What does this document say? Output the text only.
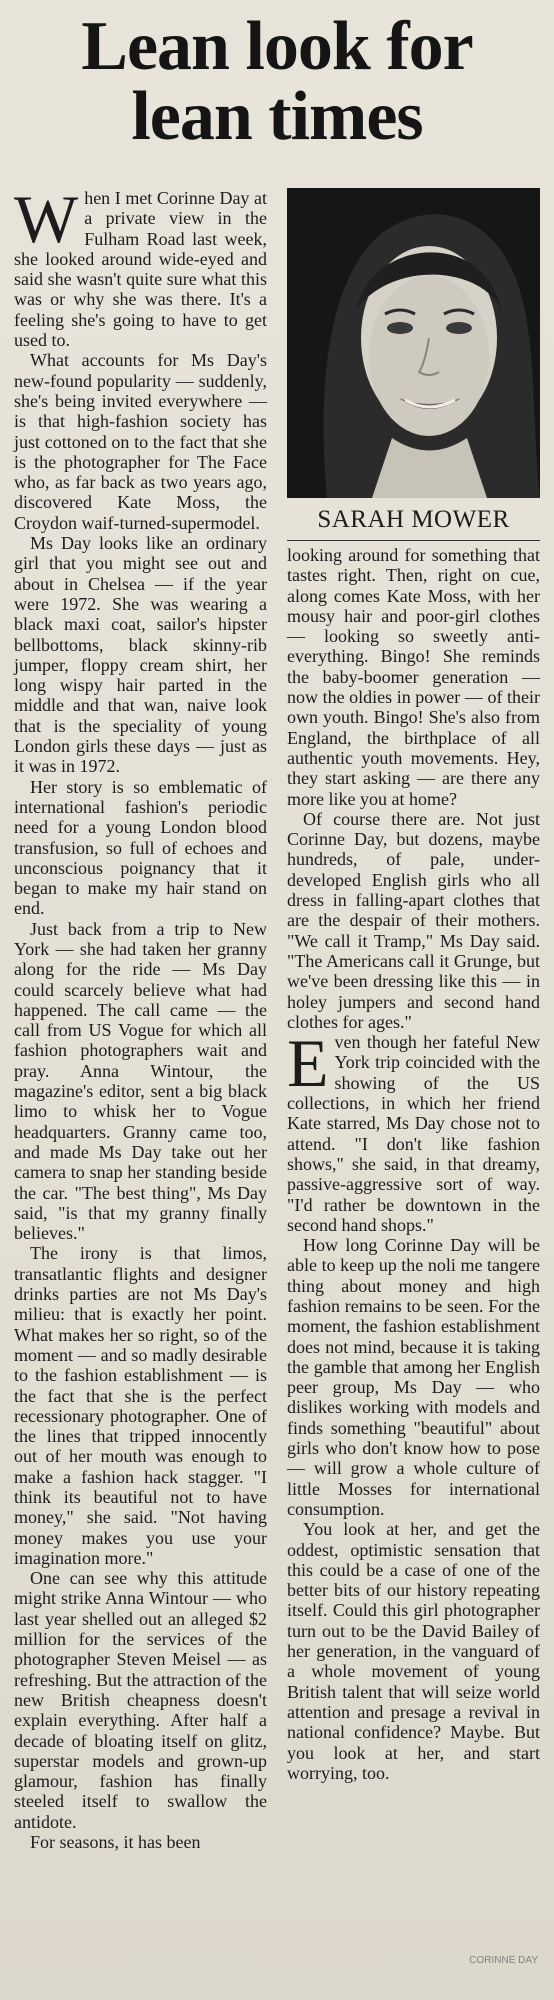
Lean look for lean times

When I met Corinne Day at a private view in the Fulham Road last week, she looked around wide-eyed and said she wasn't quite sure what this was or why she was there. It's a feeling she's going to have to get used to.

What accounts for Ms Day's new-found popularity — suddenly, she's being invited everywhere — is that high-fashion society has just cottoned on to the fact that she is the photographer for The Face who, as far back as two years ago, discovered Kate Moss, the Croydon waif-turned-supermodel.

Ms Day looks like an ordinary girl that you might see out and about in Chelsea — if the year were 1972. She was wearing a black maxi coat, sailor's hipster bellbottoms, black skinny-rib jumper, floppy cream shirt, her long wispy hair parted in the middle and that wan, naive look that is the speciality of young London girls these days — just as it was in 1972.

Her story is so emblematic of international fashion's periodic need for a young London blood transfusion, so full of echoes and unconscious poignancy that it began to make my hair stand on end.

Just back from a trip to New York — she had taken her granny along for the ride — Ms Day could scarcely believe what had happened. The call came — the call from US Vogue for which all fashion photographers wait and pray. Anna Wintour, the magazine's editor, sent a big black limo to whisk her to Vogue headquarters. Granny came too, and made Ms Day take out her camera to snap her standing beside the car. "The best thing", Ms Day said, "is that my granny finally believes."

The irony is that limos, transatlantic flights and designer drinks parties are not Ms Day's milieu: that is exactly her point. What makes her so right, so of the moment — and so madly desirable to the fashion establishment — is the fact that she is the perfect recessionary photographer. One of the lines that tripped innocently out of her mouth was enough to make a fashion hack stagger. "I think its beautiful not to have money," she said. "Not having money makes you use your imagination more."

One can see why this attitude might strike Anna Wintour — who last year shelled out an alleged $2 million for the services of the photographer Steven Meisel — as refreshing. But the attraction of the new British cheapness doesn't explain everything. After half a decade of bloating itself on glitz, superstar models and grown-up glamour, fashion has finally steeled itself to swallow the antidote.

For seasons, it has been

SARAH MOWER

looking around for something that tastes right. Then, right on cue, along comes Kate Moss, with her mousy hair and poor-girl clothes — looking so sweetly anti-everything. Bingo! She reminds the baby-boomer generation — now the oldies in power — of their own youth. Bingo! She's also from England, the birthplace of all authentic youth movements. Hey, they start asking — are there any more like you at home?

Of course there are. Not just Corinne Day, but dozens, maybe hundreds, of pale, under-developed English girls who all dress in falling-apart clothes that are the despair of their mothers. "We call it Tramp," Ms Day said. "The Americans call it Grunge, but we've been dressing like this — in holey jumpers and second hand clothes for ages."

Even though her fateful New York trip coincided with the showing of the US collections, in which her friend Kate starred, Ms Day chose not to attend. "I don't like fashion shows," she said, in that dreamy, passive-aggressive sort of way. "I'd rather be downtown in the second hand shops."

How long Corinne Day will be able to keep up the noli me tangere thing about money and high fashion remains to be seen. For the moment, the fashion establishment does not mind, because it is taking the gamble that among her English peer group, Ms Day — who dislikes working with models and finds something "beautiful" about girls who don't know how to pose — will grow a whole culture of little Mosses for international consumption.

You look at her, and get the oddest, optimistic sensation that this could be a case of one of the better bits of our history repeating itself. Could this girl photographer turn out to be the David Bailey of her generation, in the vanguard of a whole movement of young British talent that will seize world attention and presage a revival in national confidence? Maybe. But you look at her, and start worrying, too.

CORINNE DAY
